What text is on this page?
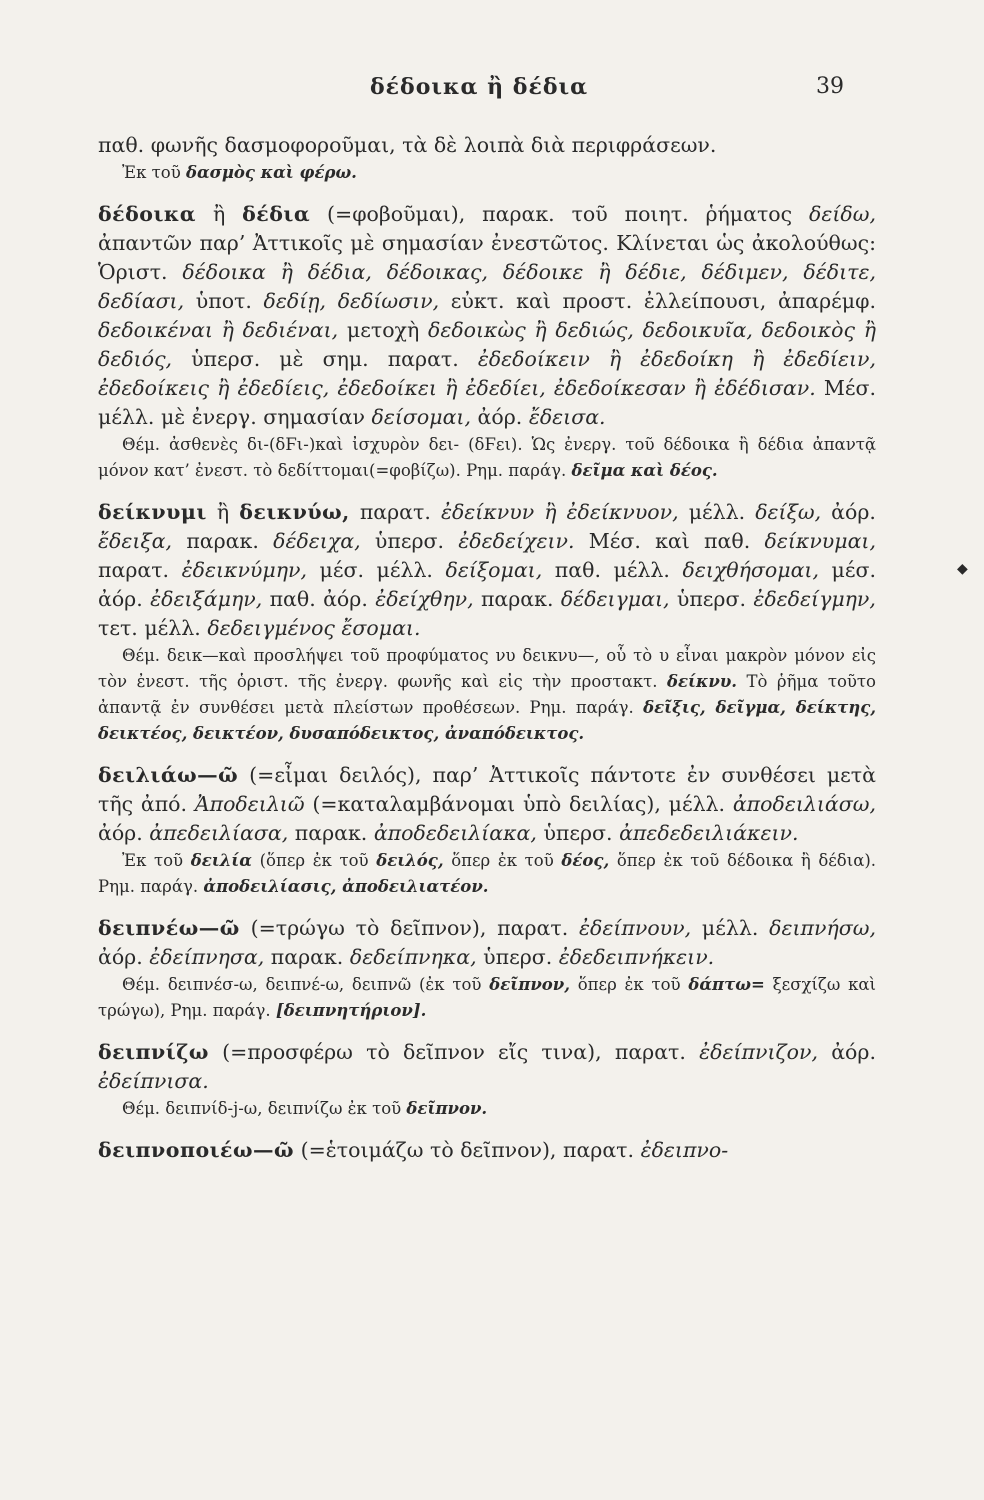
δέδοικα ἢ δέδια	39

παθ. φωνῆς δασμοφοροῦμαι, τὰ δὲ λοιπὰ διὰ περιφράσεων.

Ἐκ τοῦ δασμὸς καὶ φέρω.

δέδοικα ἢ δέδια (=φοβοῦμαι), παρακ. τοῦ ποιητ. ῥήματος δείδω, ἀπαντῶν παρ’ Ἀττικοῖς μὲ σημασίαν ἐνεστῶτος. Κλίνεται ὡς ἀκολούθως: Ὁριστ. δέδοικα ἢ δέδια, δέδοικας, δέδοικε ἢ δέδιε, δέδιμεν, δέδιτε, δεδίασι, ὑποτ. δεδίῃ, δεδίωσιν, εὐκτ. καὶ προστ. ἐλλείπουσι, ἀπαρέμφ. δεδοικέναι ἢ δεδιέναι, μετοχὴ δεδοικὼς ἢ δεδιώς, δεδοικυῖα, δεδοικὸς ἢ δεδιός, ὑπερσ. μὲ σημ. παρατ. ἐδεδοίκειν ἢ ἐδεδοίκη ἢ ἐδεδίειν, ἐδεδοίκεις ἢ ἐδεδίεις, ἐδεδοίκει ἢ ἐδεδίει, ἐδεδοίκεσαν ἢ ἐδέδισαν. Μέσ. μέλλ. μὲ ἐνεργ. σημασίαν δείσομαι, ἀόρ. ἔδεισα.

Θέμ. ἀσθενὲς δι-(δϜι-)καὶ ἰσχυρὸν δει- (δϜει). Ὡς ἐνεργ. τοῦ δέδοικα ἢ δέδια ἀπαντᾷ μόνον κατ’ ἐνεστ. τὸ δεδίττομαι(=φοβίζω). Ρημ. παράγ. δεῖμα καὶ δέος.

δείκνυμι ἢ δεικνύω, παρατ. ἐδείκνυν ἢ ἐδείκνυον, μέλλ. δείξω, ἀόρ. ἔδειξα, παρακ. δέδειχα, ὑπερσ. ἐδεδείχειν. Μέσ. καὶ παθ. δείκνυμαι, παρατ. ἐδεικνύμην, μέσ. μέλλ. δείξομαι, παθ. μέλλ. δειχθήσομαι, μέσ. ἀόρ. ἐδειξάμην, παθ. ἀόρ. ἐδείχθην, παρακ. δέδειγμαι, ὑπερσ. ἐδεδείγμην, τετ. μέλλ. δεδειγμένος ἔσομαι.

Θέμ. δεικ—καὶ προσλήψει τοῦ προφύματος νυ δεικνυ—, οὗ τὸ υ εἶναι μακρὸν μόνον εἰς τὸν ἐνεστ. τῆς ὁριστ. τῆς ἐνεργ. φωνῆς καὶ εἰς τὴν προστακτ. δείκνυ. Τὸ ῥῆμα τοῦτο ἀπαντᾷ ἐν συνθέσει μετὰ πλείστων προθέσεων. Ρημ. παράγ. δεῖξις, δεῖγμα, δείκτης, δεικτέος, δεικτέον, δυσαπόδεικτος, ἀναπόδεικτος.

δειλιάω—ῶ (=εἶμαι δειλός), παρ’ Ἀττικοῖς πάντοτε ἐν συνθέσει μετὰ τῆς ἀπό. Ἀποδειλιῶ (=καταλαμβάνομαι ὑπὸ δειλίας), μέλλ. ἀποδειλιάσω, ἀόρ. ἀπεδειλίασα, παρακ. ἀποδεδειλίακα, ὑπερσ. ἀπεδεδειλιάκειν.

Ἐκ τοῦ δειλία (ὅπερ ἐκ τοῦ δειλός, ὅπερ ἐκ τοῦ δέος, ὅπερ ἐκ τοῦ δέδοικα ἢ δέδια). Ρημ. παράγ. ἀποδειλίασις, ἀποδειλιατέον.

δειπνέω—ῶ (=τρώγω τὸ δεῖπνον), παρατ. ἐδείπνουν, μέλλ. δειπνήσω, ἀόρ. ἐδείπνησα, παρακ. δεδείπνηκα, ὑπερσ. ἐδεδειπνήκειν.

Θέμ. δειπνέσ-ω, δειπνέ-ω, δειπνῶ (ἐκ τοῦ δεῖπνον, ὅπερ ἐκ τοῦ δάπτω= ξεσχίζω καὶ τρώγω), Ρημ. παράγ. [δειπνητήριον].

δειπνίζω (=προσφέρω τὸ δεῖπνον εἴς τινα), παρατ. ἐδείπνιζον, ἀόρ. ἐδείπνισα.

Θέμ. δειπνίδ-j-ω, δειπνίζω ἐκ τοῦ δεῖπνον.

δειπνοποιέω—ῶ (=ἑτοιμάζω τὸ δεῖπνον), παρατ. ἐδειπνο-

◆
